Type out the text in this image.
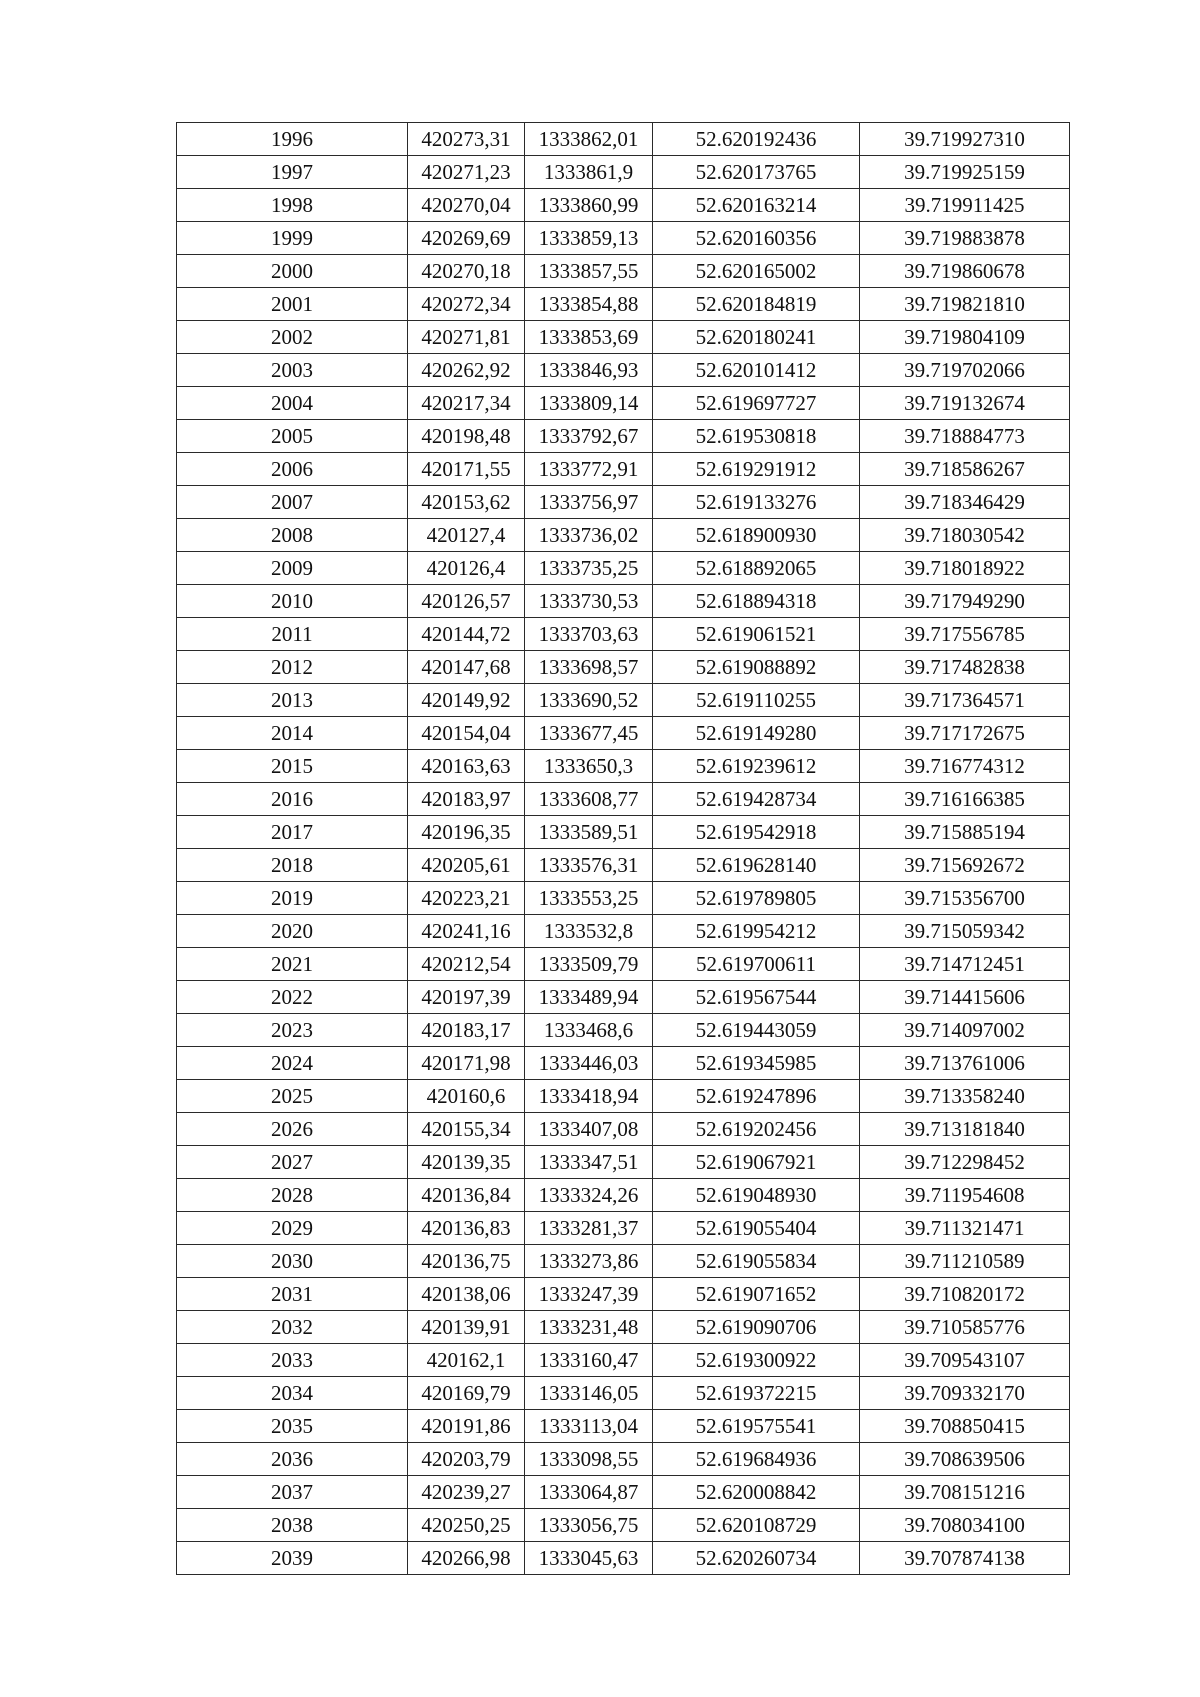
1996	420273,31	1333862,01	52.620192436	39.719927310
1997	420271,23	1333861,9	52.620173765	39.719925159
1998	420270,04	1333860,99	52.620163214	39.719911425
1999	420269,69	1333859,13	52.620160356	39.719883878
2000	420270,18	1333857,55	52.620165002	39.719860678
2001	420272,34	1333854,88	52.620184819	39.719821810
2002	420271,81	1333853,69	52.620180241	39.719804109
2003	420262,92	1333846,93	52.620101412	39.719702066
2004	420217,34	1333809,14	52.619697727	39.719132674
2005	420198,48	1333792,67	52.619530818	39.718884773
2006	420171,55	1333772,91	52.619291912	39.718586267
2007	420153,62	1333756,97	52.619133276	39.718346429
2008	420127,4	1333736,02	52.618900930	39.718030542
2009	420126,4	1333735,25	52.618892065	39.718018922
2010	420126,57	1333730,53	52.618894318	39.717949290
2011	420144,72	1333703,63	52.619061521	39.717556785
2012	420147,68	1333698,57	52.619088892	39.717482838
2013	420149,92	1333690,52	52.619110255	39.717364571
2014	420154,04	1333677,45	52.619149280	39.717172675
2015	420163,63	1333650,3	52.619239612	39.716774312
2016	420183,97	1333608,77	52.619428734	39.716166385
2017	420196,35	1333589,51	52.619542918	39.715885194
2018	420205,61	1333576,31	52.619628140	39.715692672
2019	420223,21	1333553,25	52.619789805	39.715356700
2020	420241,16	1333532,8	52.619954212	39.715059342
2021	420212,54	1333509,79	52.619700611	39.714712451
2022	420197,39	1333489,94	52.619567544	39.714415606
2023	420183,17	1333468,6	52.619443059	39.714097002
2024	420171,98	1333446,03	52.619345985	39.713761006
2025	420160,6	1333418,94	52.619247896	39.713358240
2026	420155,34	1333407,08	52.619202456	39.713181840
2027	420139,35	1333347,51	52.619067921	39.712298452
2028	420136,84	1333324,26	52.619048930	39.711954608
2029	420136,83	1333281,37	52.619055404	39.711321471
2030	420136,75	1333273,86	52.619055834	39.711210589
2031	420138,06	1333247,39	52.619071652	39.710820172
2032	420139,91	1333231,48	52.619090706	39.710585776
2033	420162,1	1333160,47	52.619300922	39.709543107
2034	420169,79	1333146,05	52.619372215	39.709332170
2035	420191,86	1333113,04	52.619575541	39.708850415
2036	420203,79	1333098,55	52.619684936	39.708639506
2037	420239,27	1333064,87	52.620008842	39.708151216
2038	420250,25	1333056,75	52.620108729	39.708034100
2039	420266,98	1333045,63	52.620260734	39.707874138
